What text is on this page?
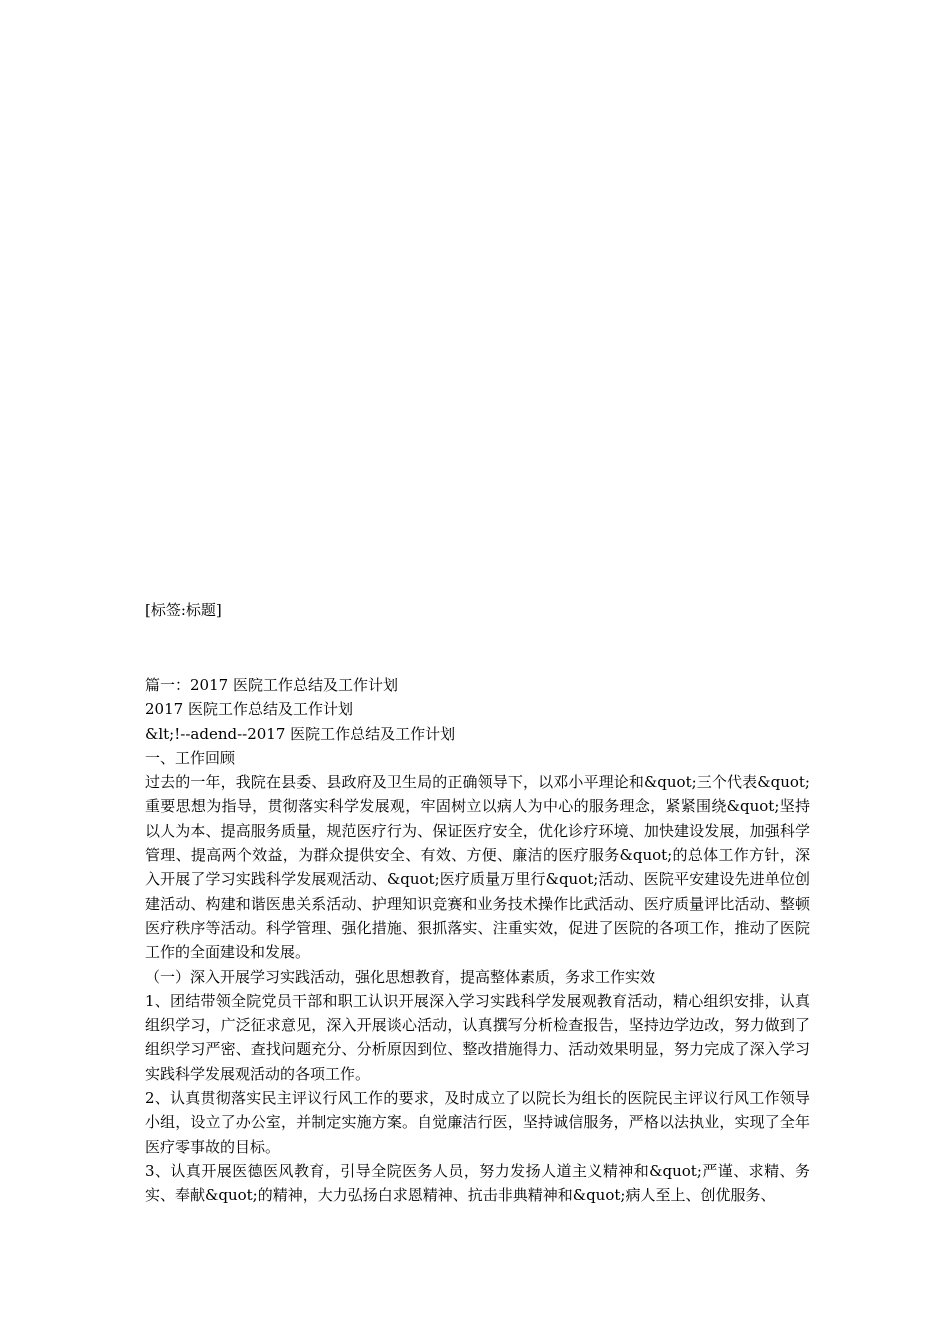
[标签:标题]

篇一：2017 医院工作总结及工作计划

2017 医院工作总结及工作计划

&lt;!--adend--2017 医院工作总结及工作计划

一、工作回顾

过去的一年，我院在县委、县政府及卫生局的正确领导下，以邓小平理论和&quot;三个代表&quot;重要思想为指导，贯彻落实科学发展观，牢固树立以病人为中心的服务理念，紧紧围绕&quot;坚持以人为本、提高服务质量，规范医疗行为、保证医疗安全，优化诊疗环境、加快建设发展，加强科学管理、提高两个效益，为群众提供安全、有效、方便、廉洁的医疗服务&quot;的总体工作方针，深入开展了学习实践科学发展观活动、&quot;医疗质量万里行&quot;活动、医院平安建设先进单位创建活动、构建和谐医患关系活动、护理知识竞赛和业务技术操作比武活动、医疗质量评比活动、整顿医疗秩序等活动。科学管理、强化措施、狠抓落实、注重实效，促进了医院的各项工作，推动了医院工作的全面建设和发展。

（一）深入开展学习实践活动，强化思想教育，提高整体素质，务求工作实效

1、团结带领全院党员干部和职工认识开展深入学习实践科学发展观教育活动，精心组织安排，认真组织学习，广泛征求意见，深入开展谈心活动，认真撰写分析检查报告，坚持边学边改，努力做到了组织学习严密、查找问题充分、分析原因到位、整改措施得力、活动效果明显，努力完成了深入学习实践科学发展观活动的各项工作。

2、认真贯彻落实民主评议行风工作的要求，及时成立了以院长为组长的医院民主评议行风工作领导小组，设立了办公室，并制定实施方案。自觉廉洁行医，坚持诚信服务，严格以法执业，实现了全年医疗零事故的目标。

3、认真开展医德医风教育，引导全院医务人员，努力发扬人道主义精神和&quot;严谨、求精、务实、奉献&quot;的精神，大力弘扬白求恩精神、抗击非典精神和&quot;病人至上、创优服务、
